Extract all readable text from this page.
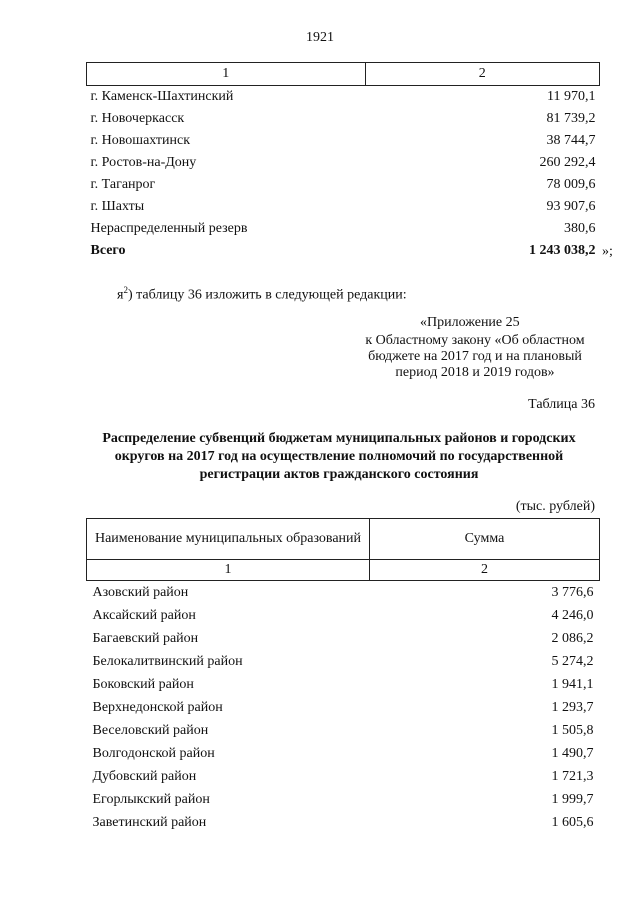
1921
1	2
г. Каменск-Шахтинский	11 970,1
г. Новочеркасск	81 739,2
г. Новошахтинск	38 744,7
г. Ростов-на-Дону	260 292,4
г. Таганрог	78 009,6
г. Шахты	93 907,6
Нераспределенный резерв	380,6
Всего	1 243 038,2 »;
$я^2$) таблицу 36 изложить в следующей редакции:
«Приложение 25
к Областному закону «Об областном бюджете на 2017 год и на плановый период 2018 и 2019 годов»
Таблица 36
Распределение субвенций бюджетам муниципальных районов и городских округов на 2017 год на осуществление полномочий по государственной регистрации актов гражданского состояния
(тыс. рублей)
Наименование муниципальных образований	Сумма
1	2
Азовский район	3 776,6
Аксайский район	4 246,0
Багаевский район	2 086,2
Белокалитвинский район	5 274,2
Боковский район	1 941,1
Верхнедонской район	1 293,7
Веселовский район	1 505,8
Волгодонской район	1 490,7
Дубовский район	1 721,3
Егорлыкский район	1 999,7
Заветинский район	1 605,6
